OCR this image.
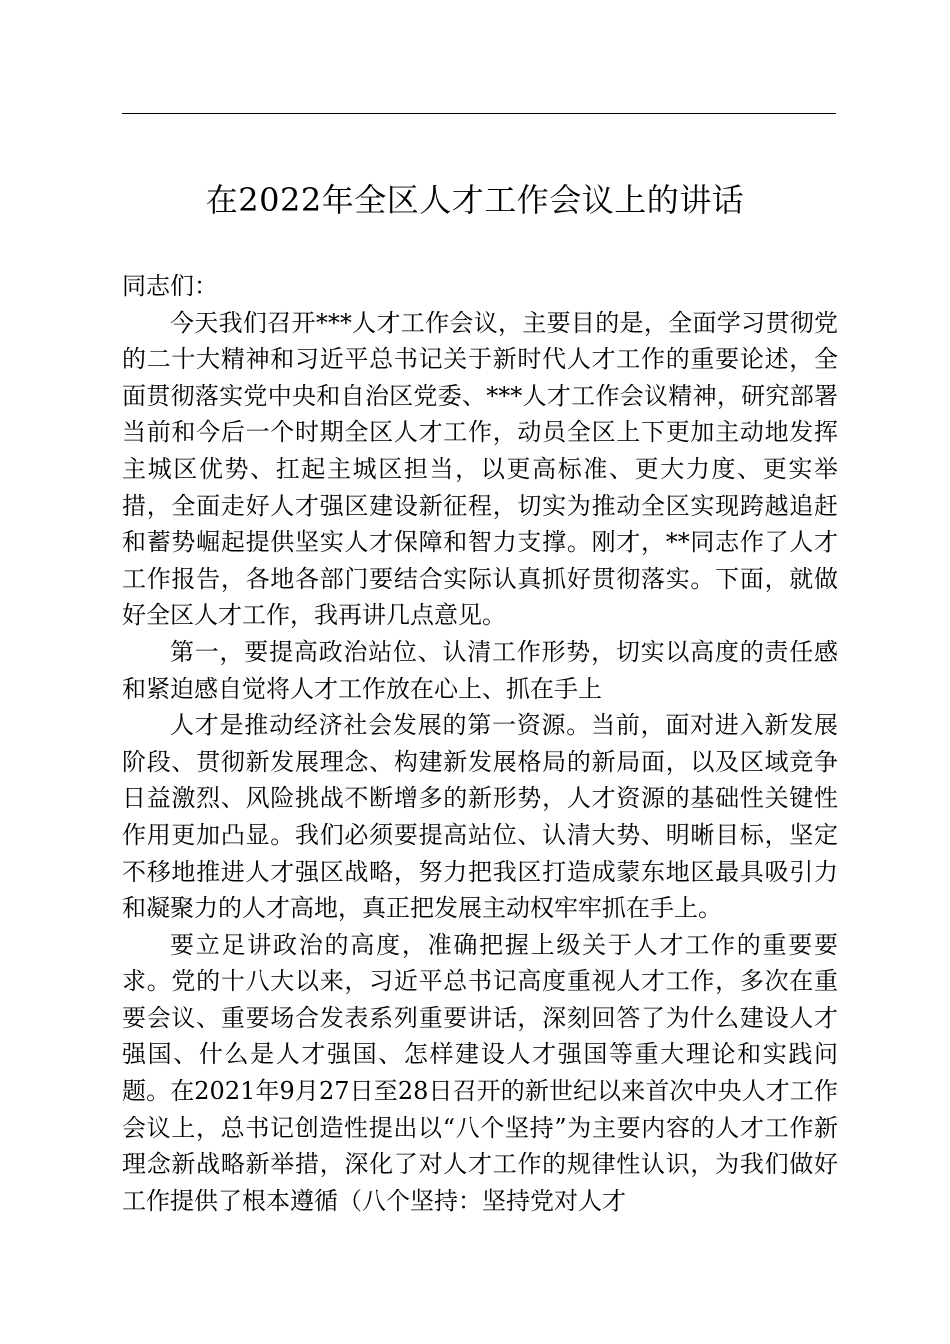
在2022年全区人才工作会议上的讲话

同志们：

今天我们召开***人才工作会议，主要目的是，全面学习贯彻党的二十大精神和习近平总书记关于新时代人才工作的重要论述，全面贯彻落实党中央和自治区党委、***人才工作会议精神，研究部署当前和今后一个时期全区人才工作，动员全区上下更加主动地发挥主城区优势、扛起主城区担当，以更高标准、更大力度、更实举措，全面走好人才强区建设新征程，切实为推动全区实现跨越追赶和蓄势崛起提供坚实人才保障和智力支撑。刚才，**同志作了人才工作报告，各地各部门要结合实际认真抓好贯彻落实。下面，就做好全区人才工作，我再讲几点意见。

第一，要提高政治站位、认清工作形势，切实以高度的责任感和紧迫感自觉将人才工作放在心上、抓在手上

人才是推动经济社会发展的第一资源。当前，面对进入新发展阶段、贯彻新发展理念、构建新发展格局的新局面，以及区域竞争日益激烈、风险挑战不断增多的新形势，人才资源的基础性关键性作用更加凸显。我们必须要提高站位、认清大势、明晰目标，坚定不移地推进人才强区战略，努力把我区打造成蒙东地区最具吸引力和凝聚力的人才高地，真正把发展主动权牢牢抓在手上。

要立足讲政治的高度，准确把握上级关于人才工作的重要要求。党的十八大以来，习近平总书记高度重视人才工作，多次在重要会议、重要场合发表系列重要讲话，深刻回答了为什么建设人才强国、什么是人才强国、怎样建设人才强国等重大理论和实践问题。在2021年9月27日至28日召开的新世纪以来首次中央人才工作会议上，总书记创造性提出以“八个坚持”为主要内容的人才工作新理念新战略新举措，深化了对人才工作的规律性认识，为我们做好工作提供了根本遵循（八个坚持：坚持党对人才
